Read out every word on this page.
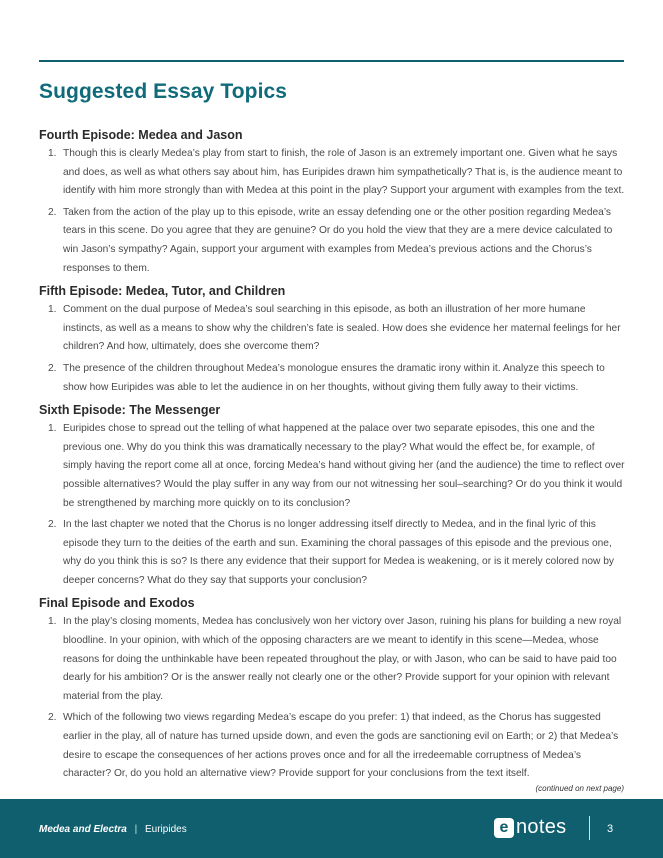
Suggested Essay Topics
Fourth Episode: Medea and Jason
1. Though this is clearly Medea’s play from start to finish, the role of Jason is an extremely important one. Given what he says and does, as well as what others say about him, has Euripides drawn him sympathetically? That is, is the audience meant to identify with him more strongly than with Medea at this point in the play? Support your argument with examples from the text.
2. Taken from the action of the play up to this episode, write an essay defending one or the other position regarding Medea’s tears in this scene. Do you agree that they are genuine? Or do you hold the view that they are a mere device calculated to win Jason’s sympathy? Again, support your argument with examples from Medea’s previous actions and the Chorus’s responses to them.
Fifth Episode: Medea, Tutor, and Children
1. Comment on the dual purpose of Medea’s soul searching in this episode, as both an illustration of her more humane instincts, as well as a means to show why the children’s fate is sealed. How does she evidence her maternal feelings for her children? And how, ultimately, does she overcome them?
2. The presence of the children throughout Medea’s monologue ensures the dramatic irony within it. Analyze this speech to show how Euripides was able to let the audience in on her thoughts, without giving them fully away to their victims.
Sixth Episode: The Messenger
1. Euripides chose to spread out the telling of what happened at the palace over two separate episodes, this one and the previous one. Why do you think this was dramatically necessary to the play? What would the effect be, for example, of simply having the report come all at once, forcing Medea’s hand without giving her (and the audience) the time to reflect over possible alternatives? Would the play suffer in any way from our not witnessing her soul–searching? Or do you think it would be strengthened by marching more quickly on to its conclusion?
2. In the last chapter we noted that the Chorus is no longer addressing itself directly to Medea, and in the final lyric of this episode they turn to the deities of the earth and sun. Examining the choral passages of this episode and the previous one, why do you think this is so? Is there any evidence that their support for Medea is weakening, or is it merely colored now by deeper concerns? What do they say that supports your conclusion?
Final Episode and Exodos
1. In the play’s closing moments, Medea has conclusively won her victory over Jason, ruining his plans for building a new royal bloodline. In your opinion, with which of the opposing characters are we meant to identify in this scene—Medea, whose reasons for doing the unthinkable have been repeated throughout the play, or with Jason, who can be said to have paid too dearly for his ambition? Or is the answer really not clearly one or the other? Provide support for your opinion with relevant material from the play.
2. Which of the following two views regarding Medea’s escape do you prefer: 1) that indeed, as the Chorus has suggested earlier in the play, all of nature has turned upside down, and even the gods are sanctioning evil on Earth; or 2) that Medea’s desire to escape the consequences of her actions proves once and for all the irredeemable corruptness of Medea’s character? Or, do you hold an alternative view? Provide support for your conclusions from the text itself.
(continued on next page)
Medea and Electra | Euripides	e notes	3
